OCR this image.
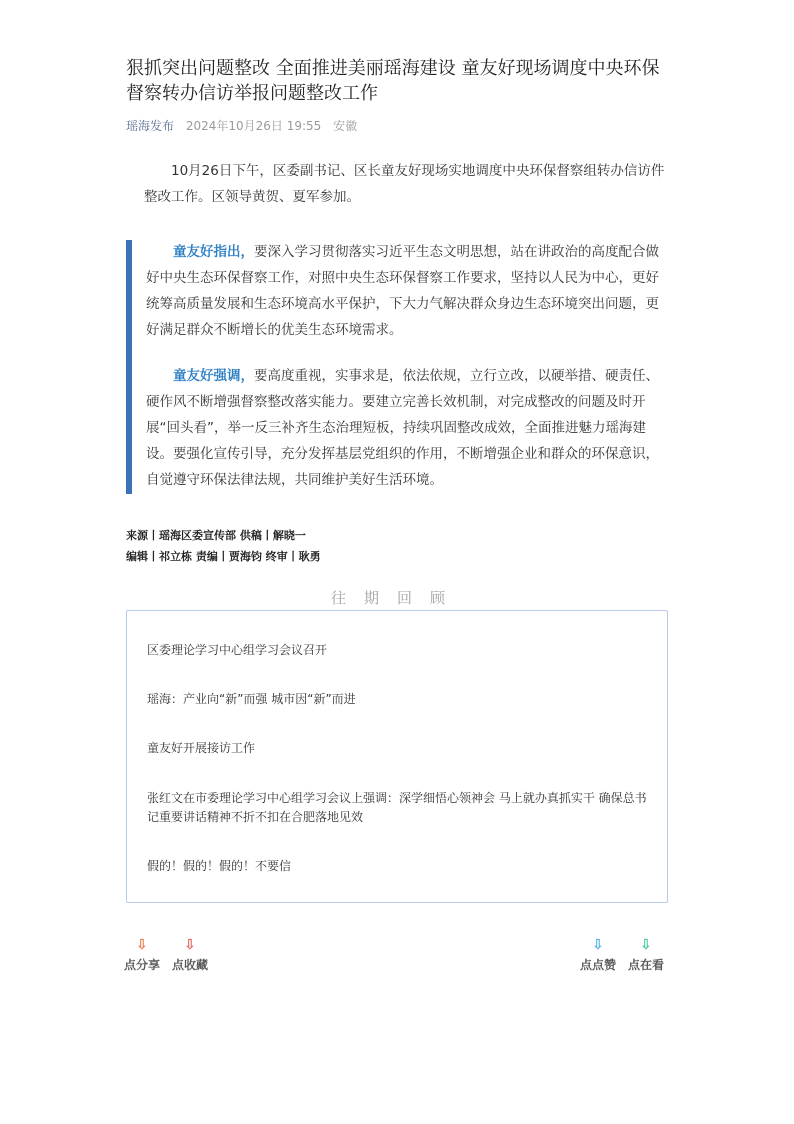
狠抓突出问题整改 全面推进美丽瑶海建设 童友好现场调度中央环保督察转办信访举报问题整改工作
瑶海发布 2024年10月26日 19:55 安徽

10月26日下午，区委副书记、区长童友好现场实地调度中央环保督察组转办信访件整改工作。区领导黄贺、夏军参加。

童友好指出，要深入学习贯彻落实习近平生态文明思想，站在讲政治的高度配合做好中央生态环保督察工作，对照中央生态环保督察工作要求，坚持以人民为中心，更好统筹高质量发展和生态环境高水平保护，下大力气解决群众身边生态环境突出问题，更好满足群众不断增长的优美生态环境需求。

童友好强调，要高度重视，实事求是，依法依规，立行立改，以硬举措、硬责任、硬作风不断增强督察整改落实能力。要建立完善长效机制，对完成整改的问题及时开展“回头看”，举一反三补齐生态治理短板，持续巩固整改成效，全面推进魅力瑶海建设。要强化宣传引导，充分发挥基层党组织的作用，不断增强企业和群众的环保意识，自觉遵守环保法律法规，共同维护美好生活环境。

来源丨瑶海区委宣传部 供稿丨解晓一
编辑丨祁立栋 责编丨贾海钧 终审丨耿勇
往期回顾
区委理论学习中心组学习会议召开
瑶海：产业向“新”而强 城市因“新”而进
童友好开展接访工作
张红文在市委理论学习中心组学习会议上强调：深学细悟心领神会 马上就办真抓实干 确保总书记重要讲话精神不折不扣在合肥落地见效
假的！假的！假的！不要信
⇩
点分享
⇩
点收藏
⇩
点点赞
⇩
点在看
